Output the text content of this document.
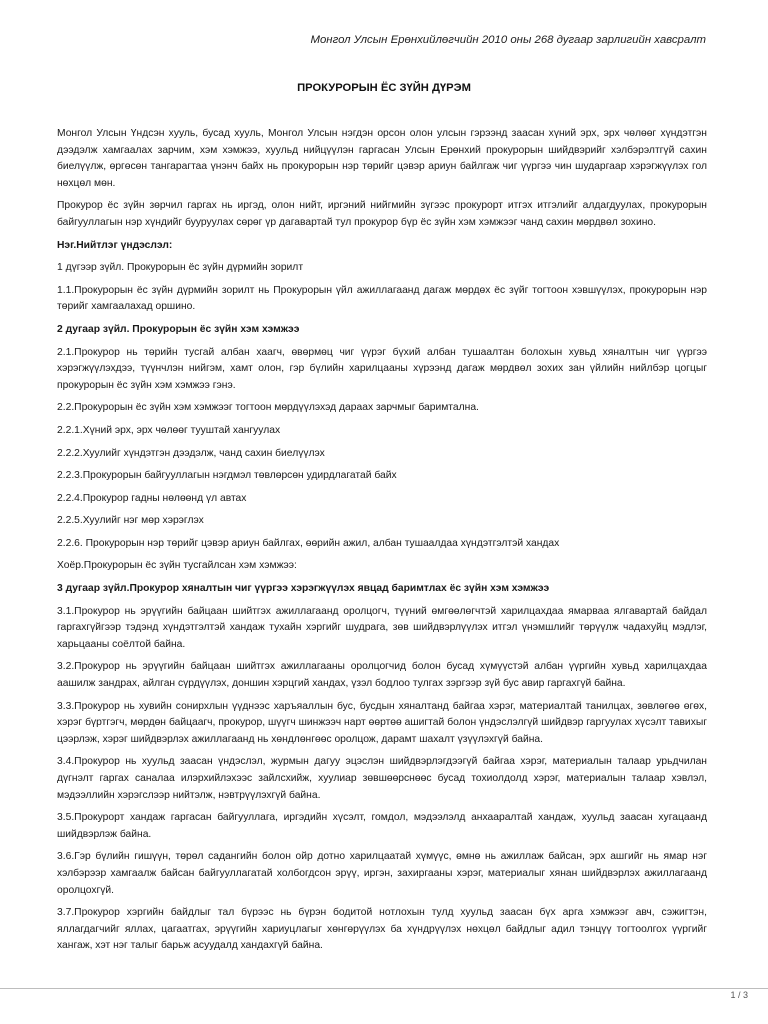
Монгол Улсын Ерөнхийлөгчийн 2010 оны 268 дугаар зарлигийн хавсралт
ПРОКУРОРЫН ЁС ЗҮЙН ДҮРЭМ

Монгол Улсын Үндсэн хууль, бусад хууль, Монгол Улсын нэгдэн орсон олон улсын гэрээнд заасан хүний эрх, эрх чөлөөг хүндэтгэн дээдэлж хамгаалах зарчим, хэм хэмжээ, хуульд нийцүүлэн гаргасан Улсын Ерөнхий прокурорын шийдвэрийг хэлбэрэлтгүй сахин биелүүлж, өргөсөн тангарагтаа үнэнч байх нь прокурорын нэр төрийг цэвэр ариун байлгаж чиг үүргээ чин шударгаар хэрэгжүүлэх гол нөхцөл мөн.

Прокурор ёс зүйн зөрчил гаргах нь иргэд, олон нийт, иргэний нийгмийн зүгээс прокурорт итгэх итгэлийг алдагдуулах, прокурорын байгууллагын нэр хүндийг бууруулах сөрөг үр дагавартай тул прокурор бүр ёс зүйн хэм хэмжээг чанд сахин мөрдвөл зохино.

Нэг.Нийтлэг үндэслэл:

1 дүгээр зүйл. Прокурорын ёс зүйн дүрмийн зорилт

1.1.Прокурорын ёс зүйн дүрмийн зорилт нь Прокурорын үйл ажиллагаанд дагаж мөрдөх ёс зүйг тогтоон хэвшүүлэх, прокурорын нэр төрийг хамгаалахад оршино.

2 дугаар зүйл. Прокурорын ёс зүйн хэм хэмжээ

2.1.Прокурор нь төрийн тусгай албан хаагч, өвөрмөц чиг үүрэг бүхий албан тушаалтан болохын хувьд хяналтын чиг үүргээ хэрэгжүүлэхдээ, түүнчлэн нийгэм, хамт олон, гэр бүлийн харилцааны хүрээнд дагаж мөрдвөл зохих зан үйлийн нийлбэр цогцыг прокурорын ёс зүйн хэм хэмжээ гэнэ.

2.2.Прокурорын ёс зүйн хэм хэмжээг тогтоон мөрдүүлэхэд дараах зарчмыг баримтална.

2.2.1.Хүний эрх, эрх чөлөөг тууштай хангуулах

2.2.2.Хуулийг хүндэтгэн дээдэлж, чанд сахин биелүүлэх

2.2.3.Прокурорын байгууллагын нэгдмэл төвлөрсөн удирдлагатай байх

2.2.4.Прокурор гадны нөлөөнд үл автах

2.2.5.Хуулийг нэг мөр хэрэглэх

2.2.6. Прокурорын нэр төрийг цэвэр ариун байлгах, өөрийн ажил, албан тушаалдаа хүндэтгэлтэй хандах

Хоёр.Прокурорын ёс зүйн тусгайлсан хэм хэмжээ:

3 дугаар зүйл.Прокурор хяналтын чиг үүргээ хэрэгжүүлэх явцад баримтлах ёс зүйн хэм хэмжээ

3.1.Прокурор нь эрүүгийн байцаан шийтгэх ажиллагаанд оролцогч, түүний өмгөөлөгчтэй харилцахдаа ямарваа ялгавартай байдал гаргахгүйгээр тэдэнд хүндэтгэлтэй хандаж тухайн хэргийг шудрага, зөв шийдвэрлүүлэх итгэл үнэмшлийг төрүүлж чадахуйц мэдлэг, харьцааны соёлтой байна.

3.2.Прокурор нь эрүүгийн байцаан шийтгэх ажиллагааны оролцогчид болон бусад хүмүүстэй албан үүргийн хувьд харилцахдаа аашилж зандрах, айлган сүрдүүлэх, доншин хэрцгий хандах, үзэл бодлоо тулгах зэргээр зүй бус авир гаргахгүй байна.

3.3.Прокурор нь хувийн сонирхлын үүднээс харъяаллын бус, бусдын хяналтанд байгаа хэрэг, материалтай танилцах, зөвлөгөө өгөх, хэрэг бүртгэгч, мөрдөн байцаагч, прокурор, шүүгч шинжээч нарт өөртөө ашигтай болон үндэслэлгүй шийдвэр гаргуулах хүсэлт тавихыг цээрлэж, хэрэг шийдвэрлэх ажиллагаанд нь хөндлөнгөөс оролцож, дарамт шахалт үзүүлэхгүй байна.

3.4.Прокурор нь хуульд заасан үндэслэл, журмын дагуу эцэслэн шийдвэрлэгдээгүй байгаа хэрэг, материалын талаар урьдчилан дүгнэлт гаргах саналаа илэрхийлэхээс зайлсхийж, хуулиар зөвшөөрснөөс бусад тохиолдолд хэрэг, материалын талаар хэвлэл, мэдээллийн хэрэгслээр нийтэлж, нэвтрүүлэхгүй байна.

3.5.Прокурорт хандаж гаргасан байгууллага, иргэдийн хүсэлт, гомдол, мэдээлэлд анхааралтай хандаж, хуульд заасан хугацаанд шийдвэрлэж байна.

3.6.Гэр бүлийн гишүүн, төрөл садангийн болон ойр дотно харилцаатай хүмүүс, өмнө нь ажиллаж байсан, эрх ашгийг нь ямар нэг хэлбэрээр хамгаалж байсан байгууллагатай холбогдсон эрүү, иргэн, захиргааны хэрэг, материалыг хянан шийдвэрлэх ажиллагаанд оролцохгүй.

3.7.Прокурор хэргийн байдлыг тал бүрээс нь бүрэн бодитой нотлохын тулд хуульд заасан бүх арга хэмжээг авч, сэжигтэн, яллагдагчийг яллах, цагаатгах, эрүүгийн хариуцлагыг хөнгөрүүлэх ба хүндрүүлэх нөхцөл байдлыг адил тэнцүү тогтоолгох үүргийг хангаж, хэт нэг талыг барьж асуудалд хандахгүй байна.

1 / 3
